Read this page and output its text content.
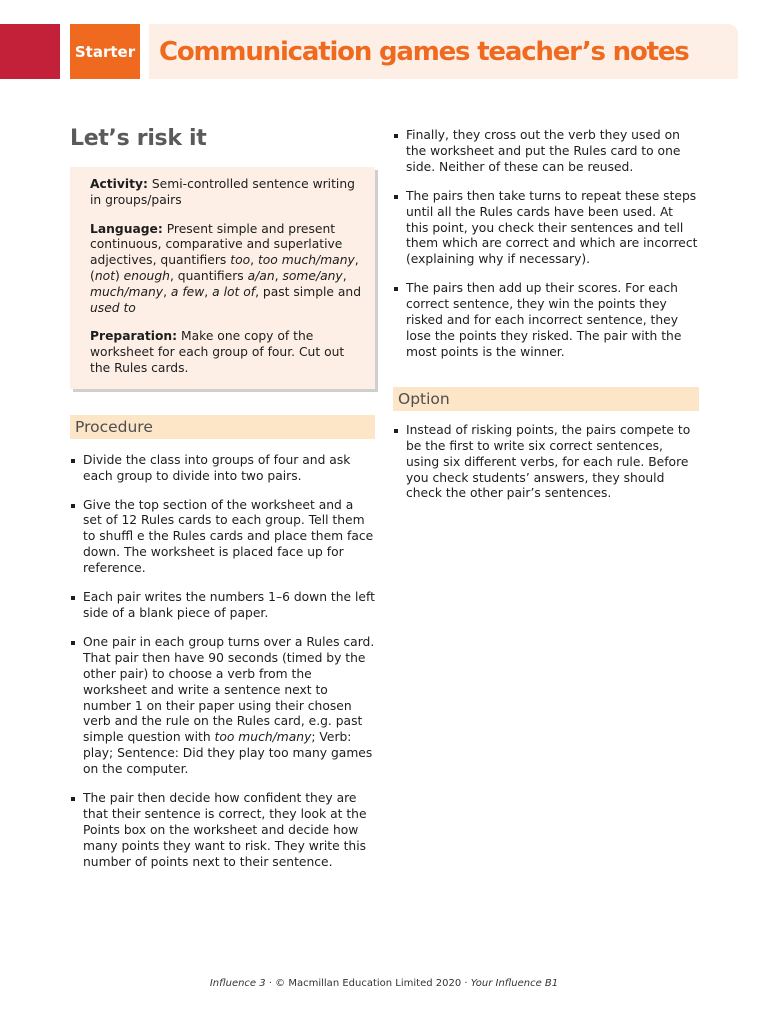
Starter Communication games teacher’s notes
Let’s risk it

Activity: Semi-controlled sentence writing in groups/pairs

Language: Present simple and present continuous, comparative and superlative adjectives, quantifiers too, too much/many, (not) enough, quantifiers a/an, some/any, much/many, a few, a lot of, past simple and used to

Preparation: Make one copy of the worksheet for each group of four. Cut out the Rules cards.

Procedure
Divide the class into groups of four and ask each group to divide into two pairs.
Give the top section of the worksheet and a set of 12 Rules cards to each group. Tell them to shuffl e the Rules cards and place them face down. The worksheet is placed face up for reference.
Each pair writes the numbers 1–6 down the left side of a blank piece of paper.
One pair in each group turns over a Rules card. That pair then have 90 seconds (timed by the other pair) to choose a verb from the worksheet and write a sentence next to number 1 on their paper using their chosen verb and the rule on the Rules card, e.g. past simple question with too much/many; Verb: play; Sentence: Did they play too many games on the computer.
The pair then decide how confident they are that their sentence is correct, they look at the Points box on the worksheet and decide how many points they want to risk. They write this number of points next to their sentence.
Finally, they cross out the verb they used on the worksheet and put the Rules card to one side. Neither of these can be reused.
The pairs then take turns to repeat these steps until all the Rules cards have been used. At this point, you check their sentences and tell them which are correct and which are incorrect (explaining why if necessary).
The pairs then add up their scores. For each correct sentence, they win the points they risked and for each incorrect sentence, they lose the points they risked. The pair with the most points is the winner.
Option
Instead of risking points, the pairs compete to be the first to write six correct sentences, using six different verbs, for each rule. Before you check students’ answers, they should check the other pair’s sentences.
Influence 3 · © Macmillan Education Limited 2020 · Your Influence B1
